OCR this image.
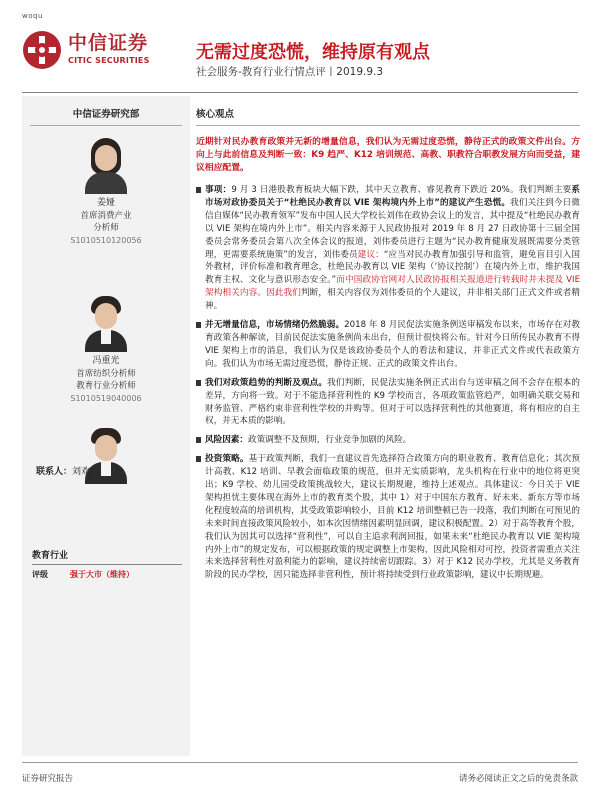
woqu
中信证券
CITIC SECURITIES	无需过度恐慌，维持原有观点
社会服务-教育行业行情点评丨2019.9.3
中信证券研究部
姜娅
首席消费产业
分析师
S1010510120056
冯重光
首席纺织分析师
教育行业分析师
S1010519040006
联系人：刘欢
教育行业
评级	强于大市（维持）
核心观点
近期针对民办教育政策并无新的增量信息，我们认为无需过度恐慌，静待正式的政策文件出台。方向上与此前信息及判断一致：K9 趋严、K12 培训规范、高教、职教符合职教发展方向而受益，建议相应配置。
事项：9 月 3 日港股教育板块大幅下跌，其中天立教育、睿见教育下跌近 20%。我们判断主要系市场对政协委员关于“杜绝民办教育以 VIE 架构境内外上市”的建议产生恐慌。我们关注到今日微信自媒体“民办教育领军”发布中国人民大学校长刘伟在政协会议上的发言，其中提及“杜绝民办教育以 VIE 架构在境内外上市”。相关内容来源于人民政协报对 2019 年 8 月 27 日政协第十三届全国委员会常务委员会第八次全体会议的报道，刘伟委员进行主题为“民办教育健康发展既需要分类管理，更需要系统施策”的发言，刘伟委员建议：“应当对民办教育加强引导和监管，避免盲目引入国外教材，评价标准和教育理念，杜绝民办教育以 VIE 架构（‘协议控制’）在境内外上市，维护我国教育主权、文化与意识形态安全。”而中国政协官网对人民政协报相关报道进行转载时并未提及 VIE 架构相关内容。因此我们判断，相关内容仅为刘伟委员的个人建议，并非相关部门正式文件或者精神。
并无增量信息，市场情绪仍然脆弱。2018 年 8 月民促法实施条例送审稿发布以来，市场存在对教育政策各种解读，目前民促法实施条例尚未出台，但预计很快将公布。针对今日所传民办教育不得 VIE 架构上市的消息，我们认为仅是该政协委员个人的看法和建议，并非正式文件或代表政策方向。我们认为市场无需过度恐慌，静待正规、正式的政策文件出台。
我们对政策趋势的判断及观点。我们判断，民促法实施条例正式出台与送审稿之间不会存在根本的差异，方向将一致。对于不能选择营利性的 K9 学校而言，各项政策监管趋严，如明确关联交易和财务监管、严格约束非营利性学校的并购等。但对于可以选择营利性的其他赛道，将有相应的自主权，并无本质的影响。
风险因素：政策调整不及预期，行业竞争加剧的风险。
投资策略。基于政策判断，我们一直建议首先选择符合政策方向的职业教育、教育信息化；其次预计高教、K12 培训、早教会面临政策的规范，但并无实质影响，龙头机构在行业中的地位将更突出；K9 学校、幼儿园受政策挑战较大，建议长期规避，维持上述观点。具体建议：今日关于 VIE 架构担忧主要体现在海外上市的教育类个股，其中 1）对于中国东方教育、好未来、新东方等市场化程度较高的培训机构，其受政策影响较小，目前 K12 培训整顿已告一段落，我们判断在可预见的未来时间直接政策风险较小，如本次因情绪因素明显回调，建议积极配置。2）对于高等教育个股，我们认为因其可以选择“营利性”，可以自主追求利润回报，如果未来“杜绝民办教育以 VIE 架构境内外上市”的规定发布，可以根据政策的规定调整上市架构，因此风险相对可控，投资者需重点关注未来选择营利性对盈利能力的影响，建议持续密切跟踪。3）对于 K12 民办学校，尤其是义务教育阶段的民办学校，因只能选择非营利性，预计将持续受到行业政策影响，建议中长期规避。
证券研究报告	请务必阅读正文之后的免责条款
